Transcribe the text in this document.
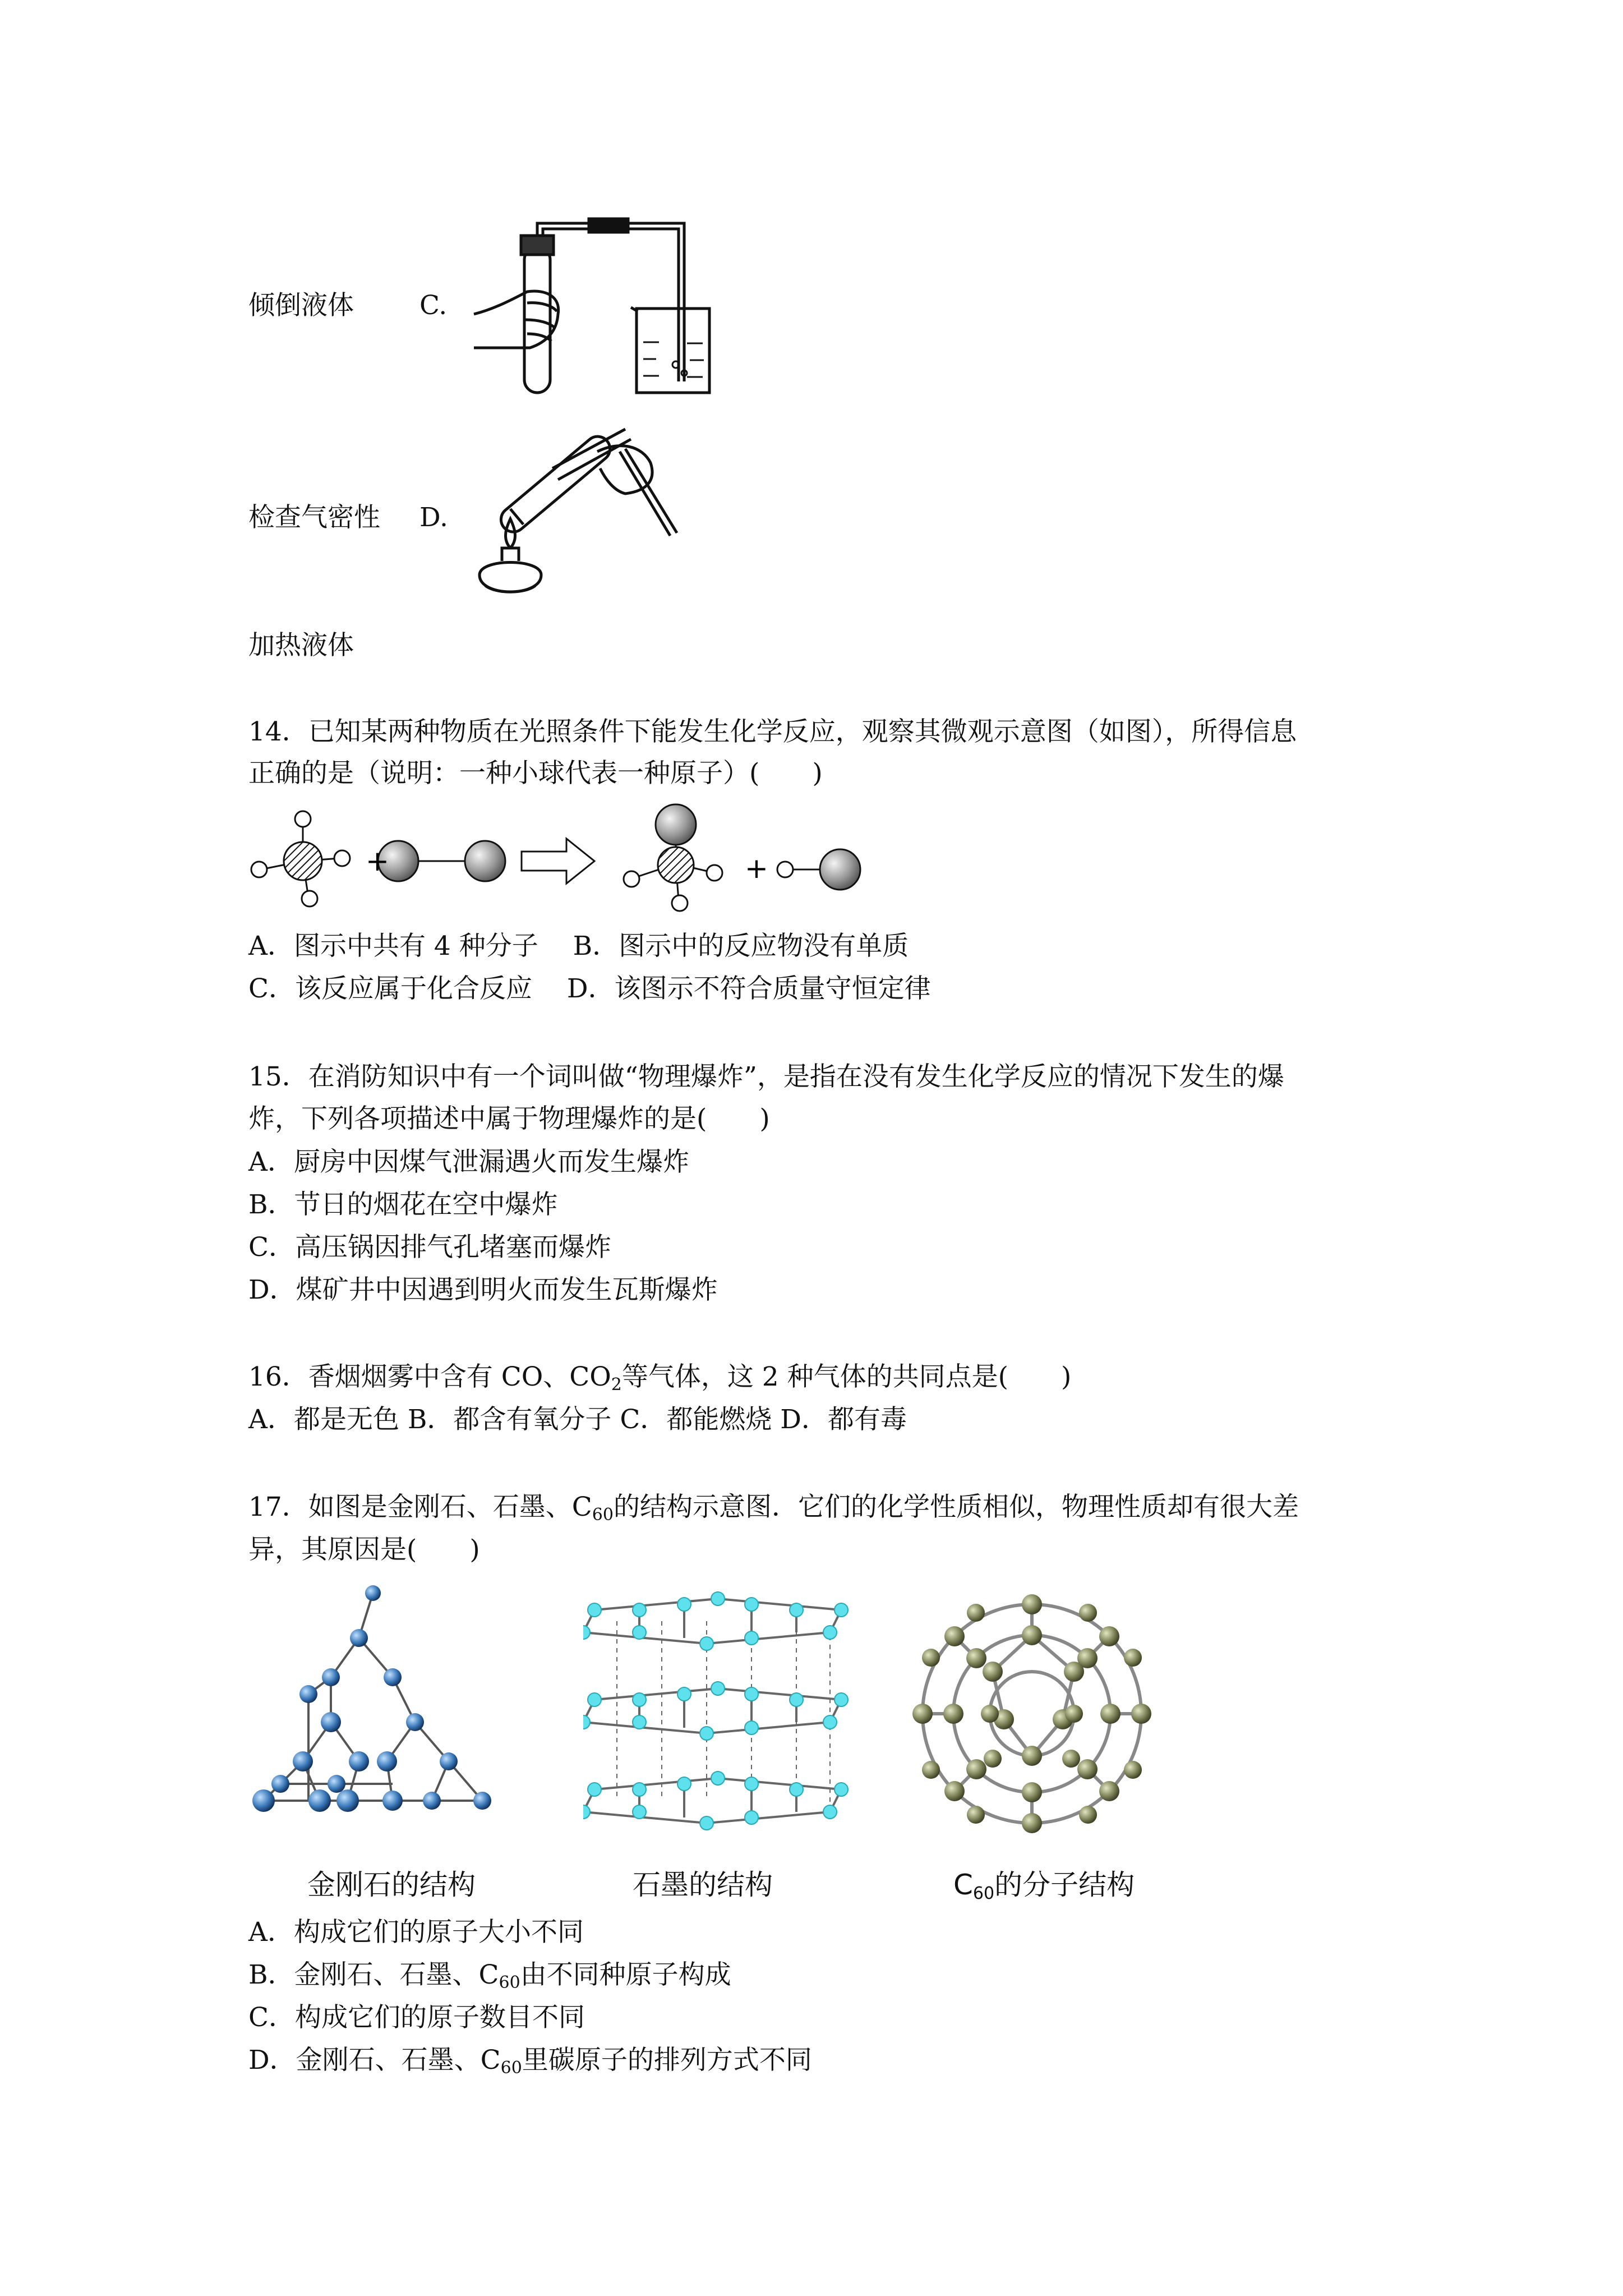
倾倒液体 C.
检查气密性 D.
加热液体
14．已知某两种物质在光照条件下能发生化学反应，观察其微观示意图（如图），所得信息
正确的是（说明：一种小球代表一种原子）(　　)
+	+
A．图示中共有 4 种分子　 B．图示中的反应物没有单质
C．该反应属于化合反应　 D．该图示不符合质量守恒定律
15．在消防知识中有一个词叫做“物理爆炸”，是指在没有发生化学反应的情况下发生的爆
炸，下列各项描述中属于物理爆炸的是(　　)
A．厨房中因煤气泄漏遇火而发生爆炸
B．节日的烟花在空中爆炸
C．高压锅因排气孔堵塞而爆炸
D．煤矿井中因遇到明火而发生瓦斯爆炸
16．香烟烟雾中含有 CO、$CO_2$等气体，这 2 种气体的共同点是(　　)
A．都是无色 B．都含有氧分子 C．都能燃烧 D．都有毒
17．如图是金刚石、石墨、$C_{60}$的结构示意图．它们的化学性质相似，物理性质却有很大差
异，其原因是(　　)
金刚石的结构	石墨的结构	$C_{60}$的分子结构
A．构成它们的原子大小不同
B．金刚石、石墨、$C_{60}$由不同种原子构成
C．构成它们的原子数目不同
D．金刚石、石墨、$C_{60}$里碳原子的排列方式不同
